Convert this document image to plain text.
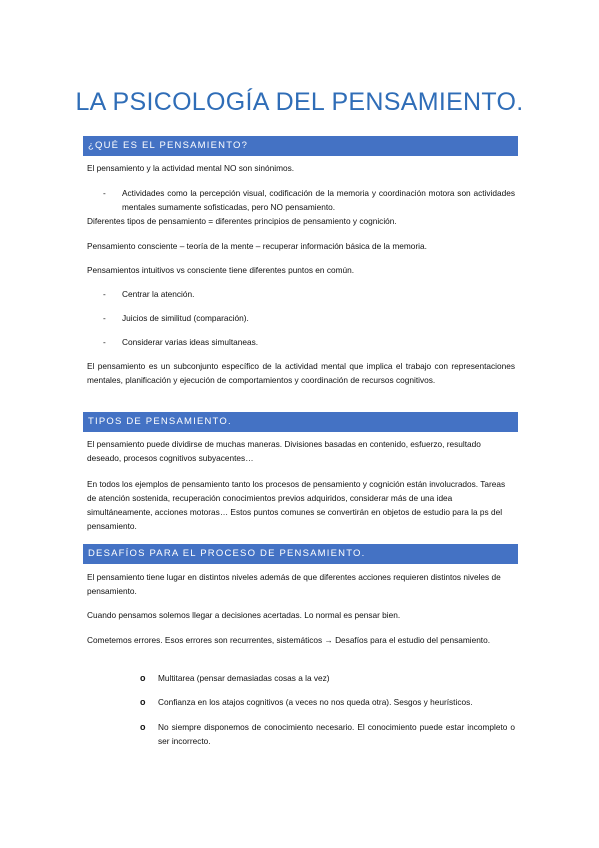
LA PSICOLOGÍA DEL PENSAMIENTO.
¿QUÉ ES EL PENSAMIENTO?
El pensamiento y la actividad mental NO son sinónimos.
- Actividades como la percepción visual, codificación de la memoria y coordinación motora son actividades mentales sumamente sofisticadas, pero NO pensamiento.
Diferentes tipos de pensamiento = diferentes principios de pensamiento y cognición.
Pensamiento consciente – teoría de la mente – recuperar información básica de la memoria.
Pensamientos intuitivos vs consciente tiene diferentes puntos en común.
- Centrar la atención.
- Juicios de similitud (comparación).
- Considerar varias ideas simultaneas.
El pensamiento es un subconjunto específico de la actividad mental que implica el trabajo con representaciones mentales, planificación y ejecución de comportamientos y coordinación de recursos cognitivos.
TIPOS DE PENSAMIENTO.
El pensamiento puede dividirse de muchas maneras. Divisiones basadas en contenido, esfuerzo, resultado deseado, procesos cognitivos subyacentes…
En todos los ejemplos de pensamiento tanto los procesos de pensamiento y cognición están involucrados. Tareas de atención sostenida, recuperación conocimientos previos adquiridos, considerar más de una idea simultáneamente, acciones motoras… Estos puntos comunes se convertirán en objetos de estudio para la ps del pensamiento.
DESAFÍOS PARA EL PROCESO DE PENSAMIENTO.
El pensamiento tiene lugar en distintos niveles además de que diferentes acciones requieren distintos niveles de pensamiento.
Cuando pensamos solemos llegar a decisiones acertadas. Lo normal es pensar bien.
Cometemos errores. Esos errores son recurrentes, sistemáticos → Desafíos para el estudio del pensamiento.
o Multitarea (pensar demasiadas cosas a la vez)
o Confianza en los atajos cognitivos (a veces no nos queda otra). Sesgos y heurísticos.
o No siempre disponemos de conocimiento necesario. El conocimiento puede estar incompleto o ser incorrecto.
